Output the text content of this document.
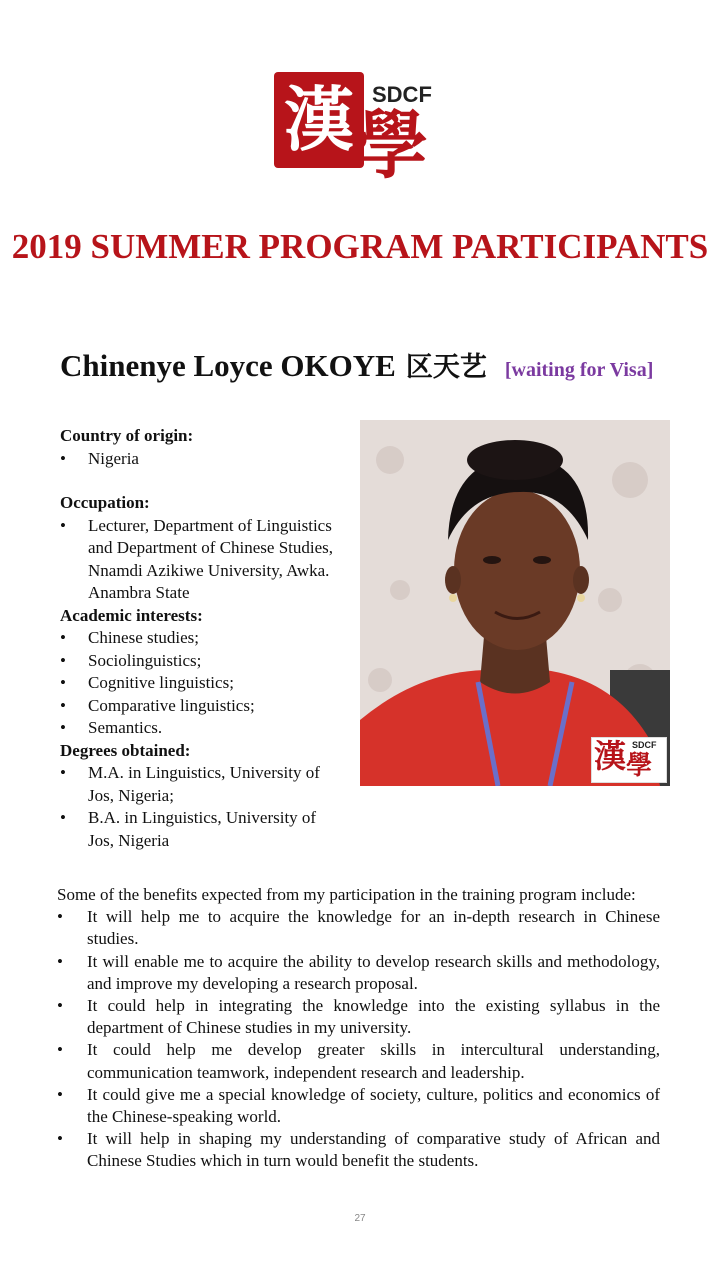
漢 學
SDCF
2019 SUMMER PROGRAM PARTICIPANTS
Chinenye Loyce OKOYE 区天艺 [waiting for Visa]
Country of origin:

• Nigeria

Occupation:

• Lecturer, Department of Linguistics and Department of Chinese Studies, Nnamdi Azikiwe University, Awka. Anambra State

Academic interests:

• Chinese studies;

• Sociolinguistics;

• Cognitive linguistics;

• Comparative linguistics;

• Semantics.

Degrees obtained:

• M.A. in Linguistics, University of Jos, Nigeria;

• B.A. in Linguistics, University of Jos, Nigeria

漢 學
SDCF

Some of the benefits expected from my participation in the training program include:

• It will help me to acquire the knowledge for an in-depth research in Chinese studies.

• It will enable me to acquire the ability to develop research skills and methodology, and improve my developing a research proposal.

• It could help in integrating the knowledge into the existing syllabus in the department of Chinese studies in my university.

• It could help me develop greater skills in intercultural understanding, communication teamwork, independent research and leadership.

• It could give me a special knowledge of society, culture, politics and economics of the Chinese-speaking world.

• It will help in shaping my understanding of comparative study of African and Chinese Studies which in turn would benefit the students.

27
